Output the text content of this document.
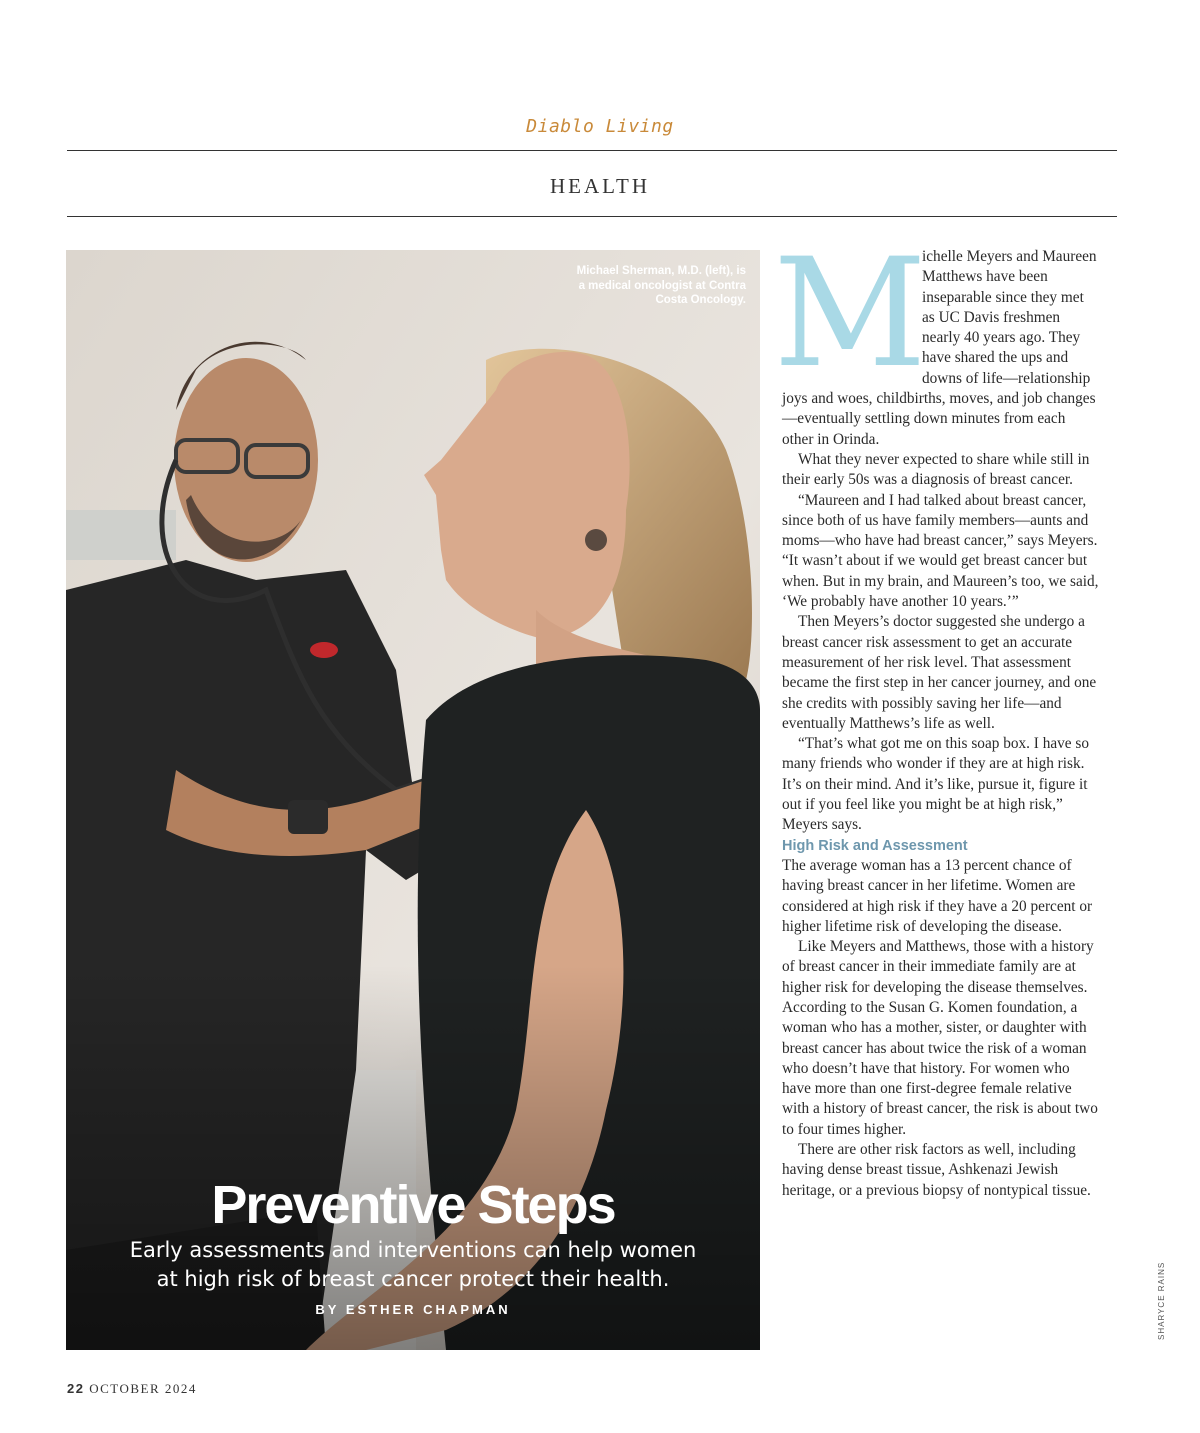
Diablo Living
HEALTH
Michael Sherman, M.D. (left), is a medical oncologist at Contra Costa Oncology.
Preventive Steps
Early assessments and interventions can help women at high risk of breast cancer protect their health.
BY ESTHER CHAPMAN
M

ichelle Meyers and Maureen Matthews have been inseparable since they met as UC Davis freshmen nearly 40 years ago. They have shared the ups and downs of life—relationship joys and woes, childbirths, moves, and job changes—eventually settling down minutes from each other in Orinda.

What they never expected to share while still in their early 50s was a diagnosis of breast cancer.

“Maureen and I had talked about breast cancer, since both of us have family members—aunts and moms—who have had breast cancer,” says Meyers. “It wasn’t about if we would get breast cancer but when. But in my brain, and Maureen’s too, we said, ‘We probably have another 10 years.’”

Then Meyers’s doctor suggested she undergo a breast cancer risk assessment to get an accurate measurement of her risk level. That assessment became the first step in her cancer journey, and one she credits with possibly saving her life—and eventually Matthews’s life as well.

“That’s what got me on this soap box. I have so many friends who wonder if they are at high risk. It’s on their mind. And it’s like, pursue it, figure it out if you feel like you might be at high risk,” Meyers says.

High Risk and Assessment

The average woman has a 13 percent chance of having breast cancer in her lifetime. Women are considered at high risk if they have a 20 percent or higher lifetime risk of developing the disease.

Like Meyers and Matthews, those with a history of breast cancer in their immediate family are at higher risk for developing the disease themselves. According to the Susan G. Komen foundation, a woman who has a mother, sister, or daughter with breast cancer has about twice the risk of a woman who doesn’t have that history. For women who have more than one first-degree female relative with a history of breast cancer, the risk is about two to four times higher.

There are other risk factors as well, including having dense breast tissue, Ashkenazi Jewish heritage, or a previous biopsy of nontypical tissue.

22 OCTOBER 2024
SHARYCE RAINS
